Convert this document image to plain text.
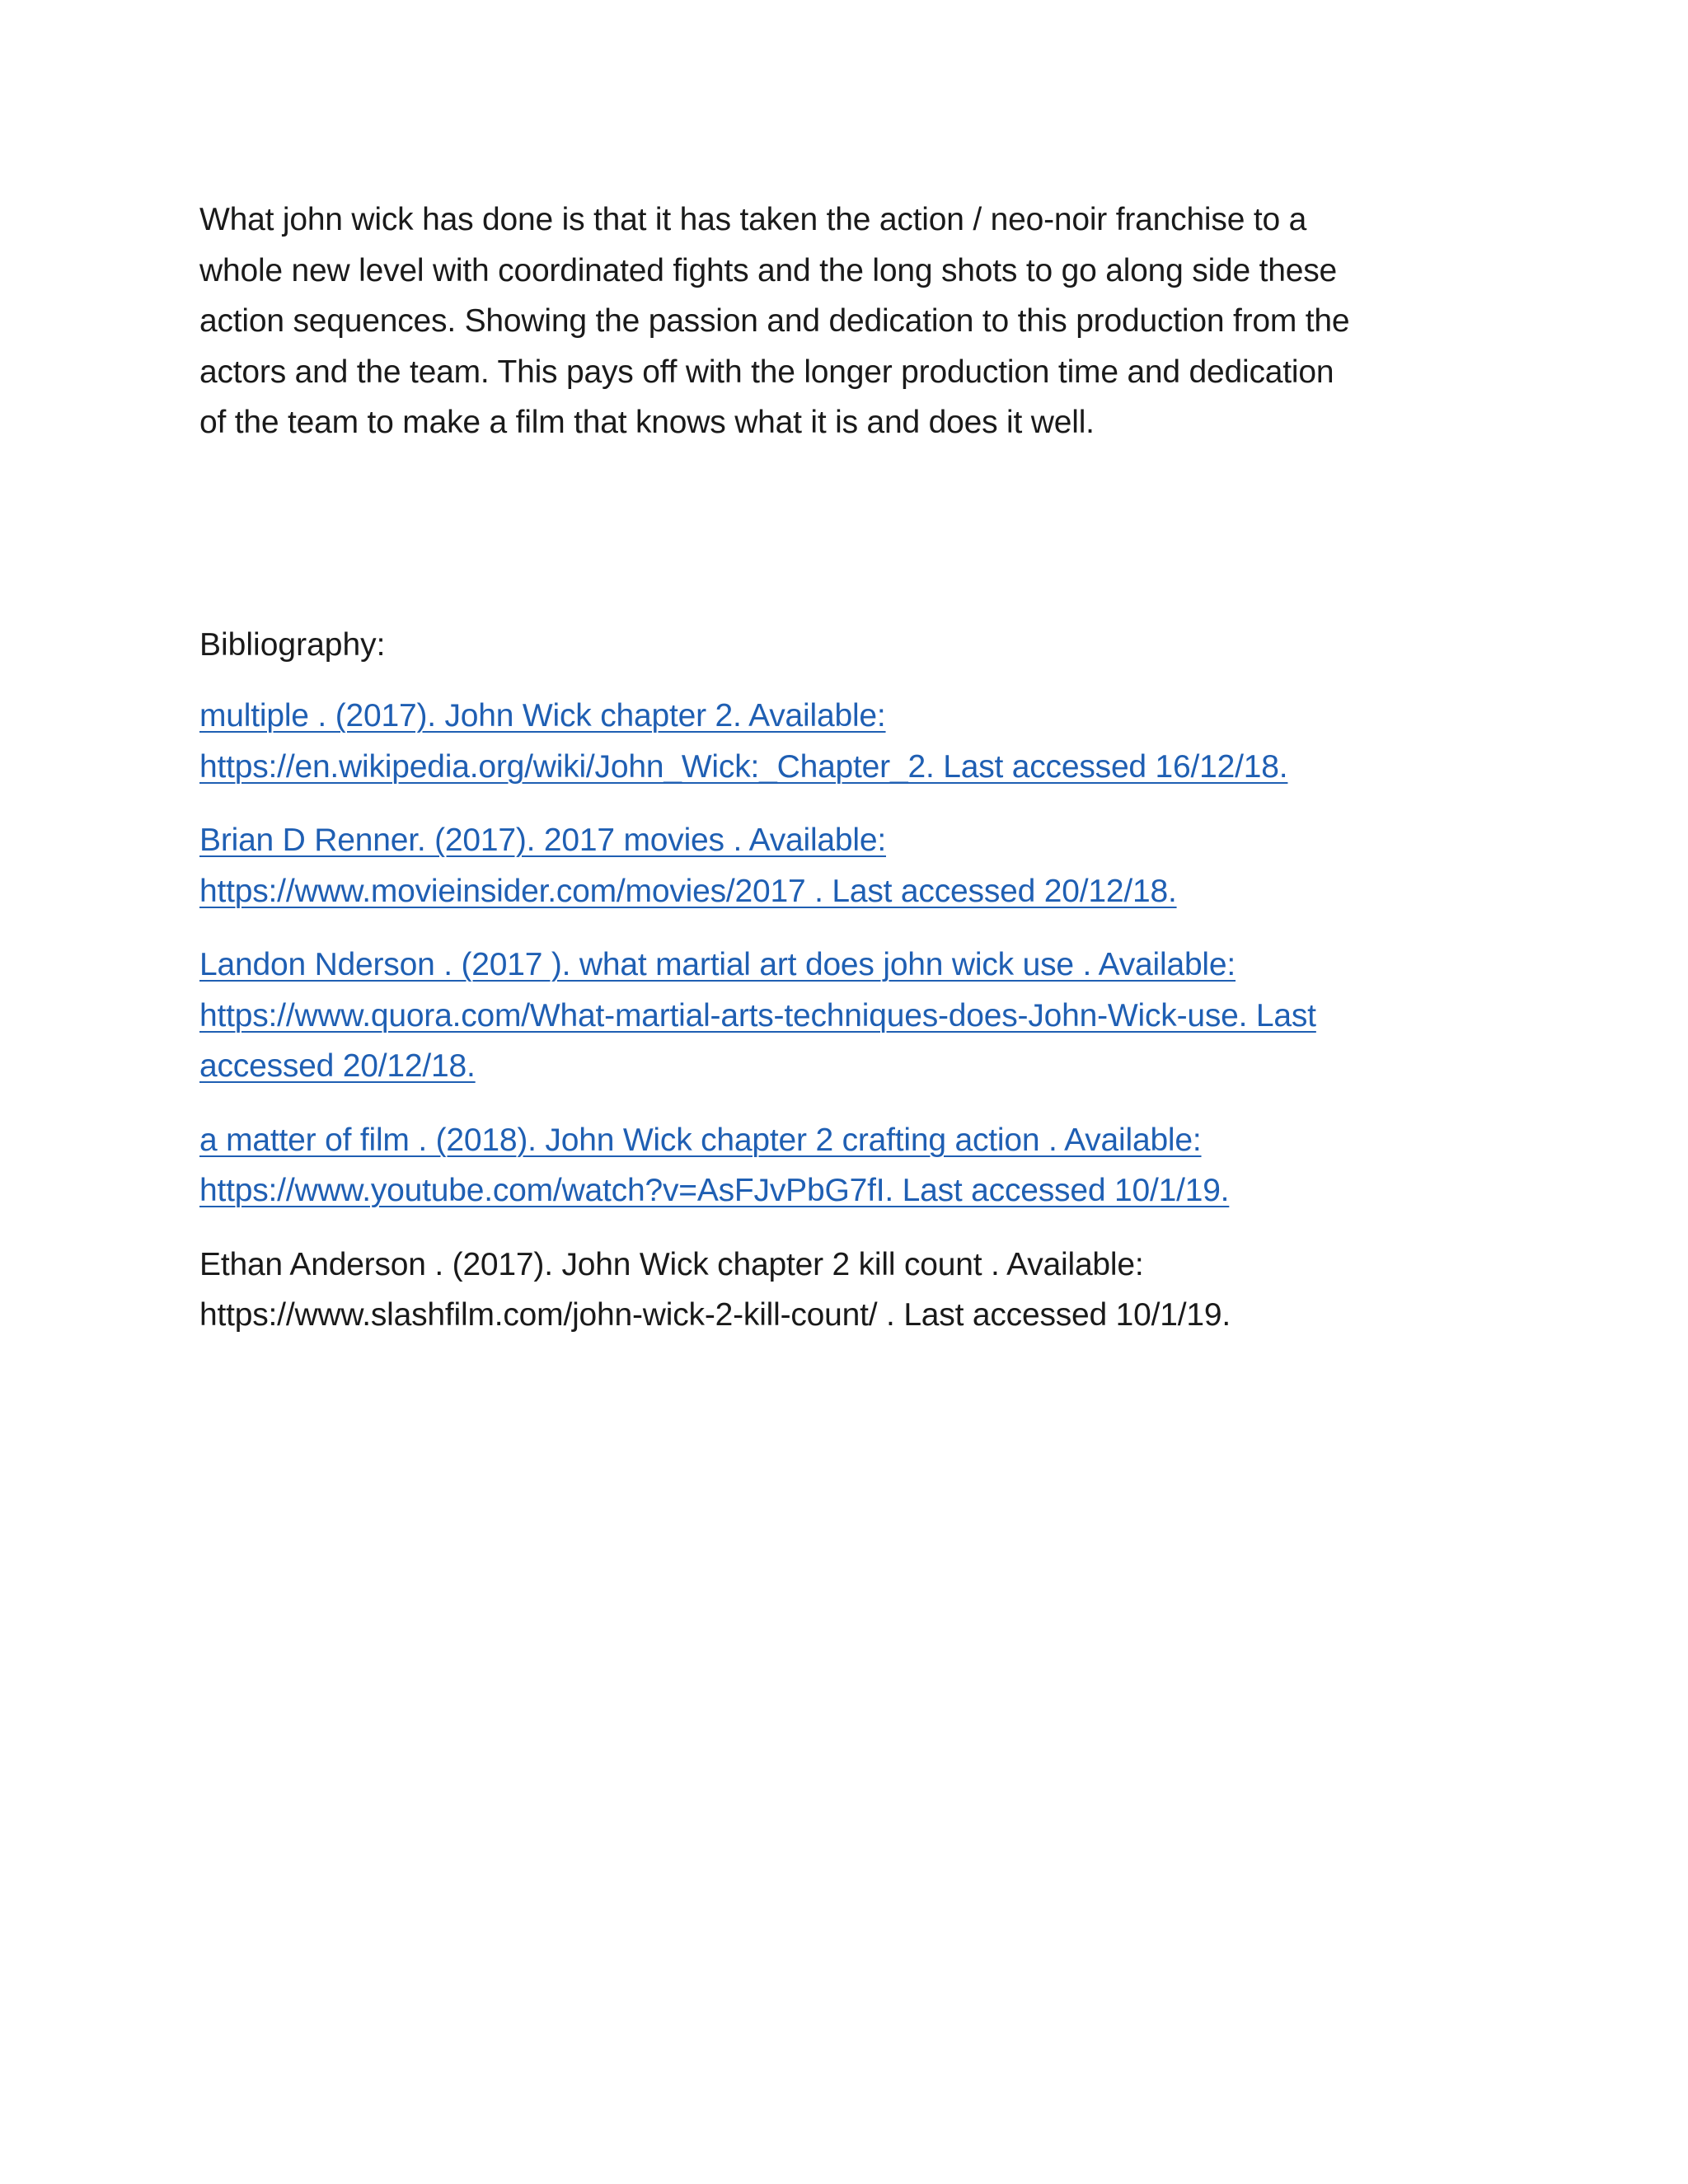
What john wick has done is that it has taken the action / neo-noir franchise to a
whole new level with coordinated fights and the long shots to go along side these
action sequences. Showing the passion and dedication to this production from the
actors and the team. This pays off with the longer production time and dedication
of the team to make a film that knows what it is and does it well.

Bibliography:

multiple . (2017). John Wick chapter 2. Available:
https://en.wikipedia.org/wiki/John_Wick:_Chapter_2. Last accessed 16/12/18.
Brian D Renner. (2017). 2017 movies . Available:
https://www.movieinsider.com/movies/2017 . Last accessed 20/12/18.
Landon Nderson . (2017 ). what martial art does john wick use . Available:
https://www.quora.com/What-martial-arts-techniques-does-John-Wick-use. Last
accessed 20/12/18.
a matter of film . (2018). John Wick chapter 2 crafting action . Available:
https://www.youtube.com/watch?v=AsFJvPbG7fI. Last accessed 10/1/19.
Ethan Anderson . (2017). John Wick chapter 2 kill count . Available:
https://www.slashfilm.com/john-wick-2-kill-count/ . Last accessed 10/1/19.
